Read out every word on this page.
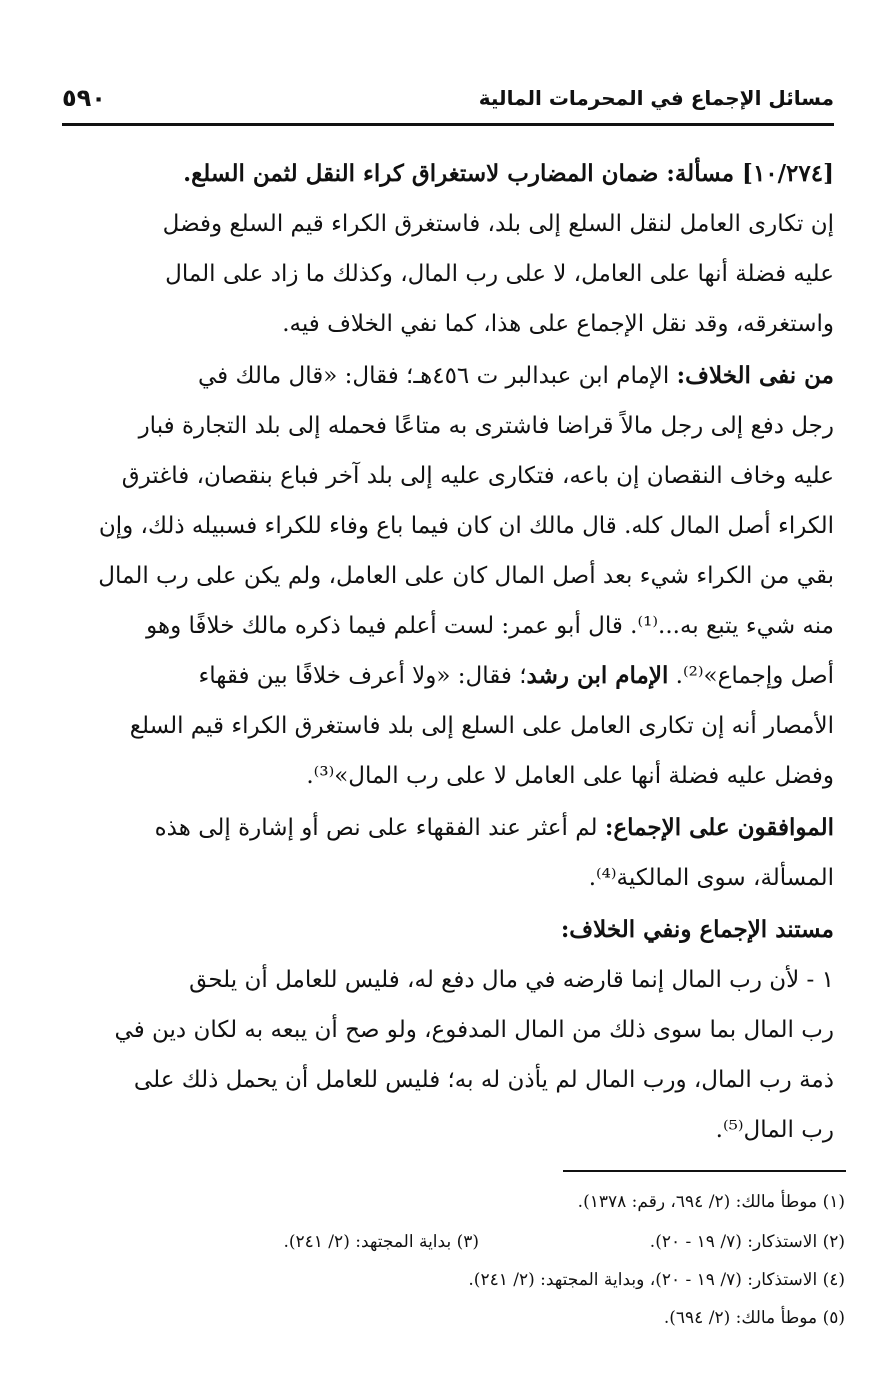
مسائل الإجماع في المحرمات المالية
٥٩٠
[١٠/٢٧٤] مسألة: ضمان المضارب لاستغراق كراء النقل لثمن السلع.
إن تكارى العامل لنقل السلع إلى بلد، فاستغرق الكراء قيم السلع وفضل
عليه فضلة أنها على العامل، لا على رب المال، وكذلك ما زاد على المال
واستغرقه، وقد نقل الإجماع على هذا، كما نفي الخلاف فيه.
من نفى الخلاف: الإمام ابن عبدالبر ت ٤٥٦هـ؛ فقال: «قال مالك في
رجل دفع إلى رجل مالاً قراضا فاشترى به متاعًا فحمله إلى بلد التجارة فبار
عليه وخاف النقصان إن باعه، فتكارى عليه إلى بلد آخر فباع بنقصان، فاغترق
الكراء أصل المال كله. قال مالك ان كان فيما باع وفاء للكراء فسبيله ذلك، وإن
بقي من الكراء شيء بعد أصل المال كان على العامل، ولم يكن على رب المال
منه شيء يتبع به...⁽¹⁾. قال أبو عمر: لست أعلم فيما ذكره مالك خلافًا وهو
أصل وإجماع»⁽²⁾. الإمام ابن رشد؛ فقال: «ولا أعرف خلافًا بين فقهاء
الأمصار أنه إن تكارى العامل على السلع إلى بلد فاستغرق الكراء قيم السلع
وفضل عليه فضلة أنها على العامل لا على رب المال»⁽³⁾.
الموافقون على الإجماع: لم أعثر عند الفقهاء على نص أو إشارة إلى هذه
المسألة، سوى المالكية⁽⁴⁾.
مستند الإجماع ونفي الخلاف:
١ - لأن رب المال إنما قارضه في مال دفع له، فليس للعامل أن يلحق
رب المال بما سوى ذلك من المال المدفوع، ولو صح أن يبعه به لكان دين في
ذمة رب المال، ورب المال لم يأذن له به؛ فليس للعامل أن يحمل ذلك على
رب المال⁽⁵⁾.
(١) موطأ مالك: (٢/ ٦٩٤، رقم: ١٣٧٨).
(٢) الاستذكار: (٧/ ١٩ - ٢٠).
(٣) بداية المجتهد: (٢/ ٢٤١).
(٤) الاستذكار: (٧/ ١٩ - ٢٠)، وبداية المجتهد: (٢/ ٢٤١).
(٥) موطأ مالك: (٢/ ٦٩٤).
